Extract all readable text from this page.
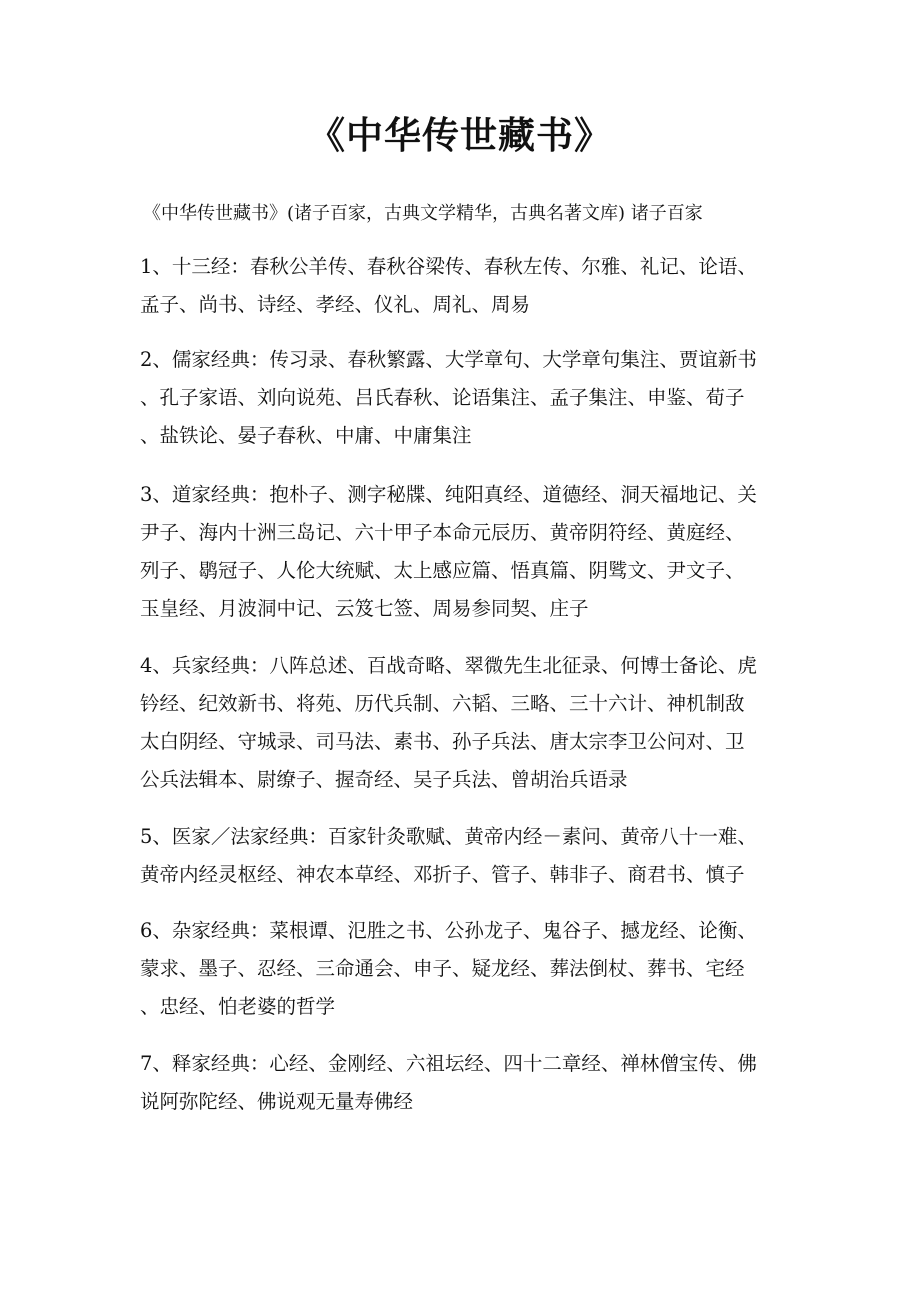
《中华传世藏书》
《中华传世藏书》(诸子百家，古典文学精华，古典名著文库) 诸子百家

1、十三经：春秋公羊传、春秋谷梁传、春秋左传、尔雅、礼记、论语、
孟子、尚书、诗经、孝经、仪礼、周礼、周易

2、儒家经典：传习录、春秋繁露、大学章句、大学章句集注、贾谊新书
、孔子家语、刘向说苑、吕氏春秋、论语集注、孟子集注、申鉴、荀子
、盐铁论、晏子春秋、中庸、中庸集注

3、道家经典：抱朴子、测字秘牒、纯阳真经、道德经、洞天福地记、关
尹子、海内十洲三岛记、六十甲子本命元辰历、黄帝阴符经、黄庭经、
列子、鹖冠子、人伦大统赋、太上感应篇、悟真篇、阴骘文、尹文子、
玉皇经、月波洞中记、云笈七签、周易参同契、庄子

4、兵家经典：八阵总述、百战奇略、翠微先生北征录、何博士备论、虎
钤经、纪效新书、将苑、历代兵制、六韬、三略、三十六计、神机制敌
太白阴经、守城录、司马法、素书、孙子兵法、唐太宗李卫公问对、卫
公兵法辑本、尉缭子、握奇经、吴子兵法、曾胡治兵语录

5、医家／法家经典：百家针灸歌赋、黄帝内经－素问、黄帝八十一难、
黄帝内经灵枢经、神农本草经、邓折子、管子、韩非子、商君书、慎子

6、杂家经典：菜根谭、氾胜之书、公孙龙子、鬼谷子、撼龙经、论衡、
蒙求、墨子、忍经、三命通会、申子、疑龙经、葬法倒杖、葬书、宅经
、忠经、怕老婆的哲学

7、释家经典：心经、金刚经、六祖坛经、四十二章经、禅林僧宝传、佛
说阿弥陀经、佛说观无量寿佛经
